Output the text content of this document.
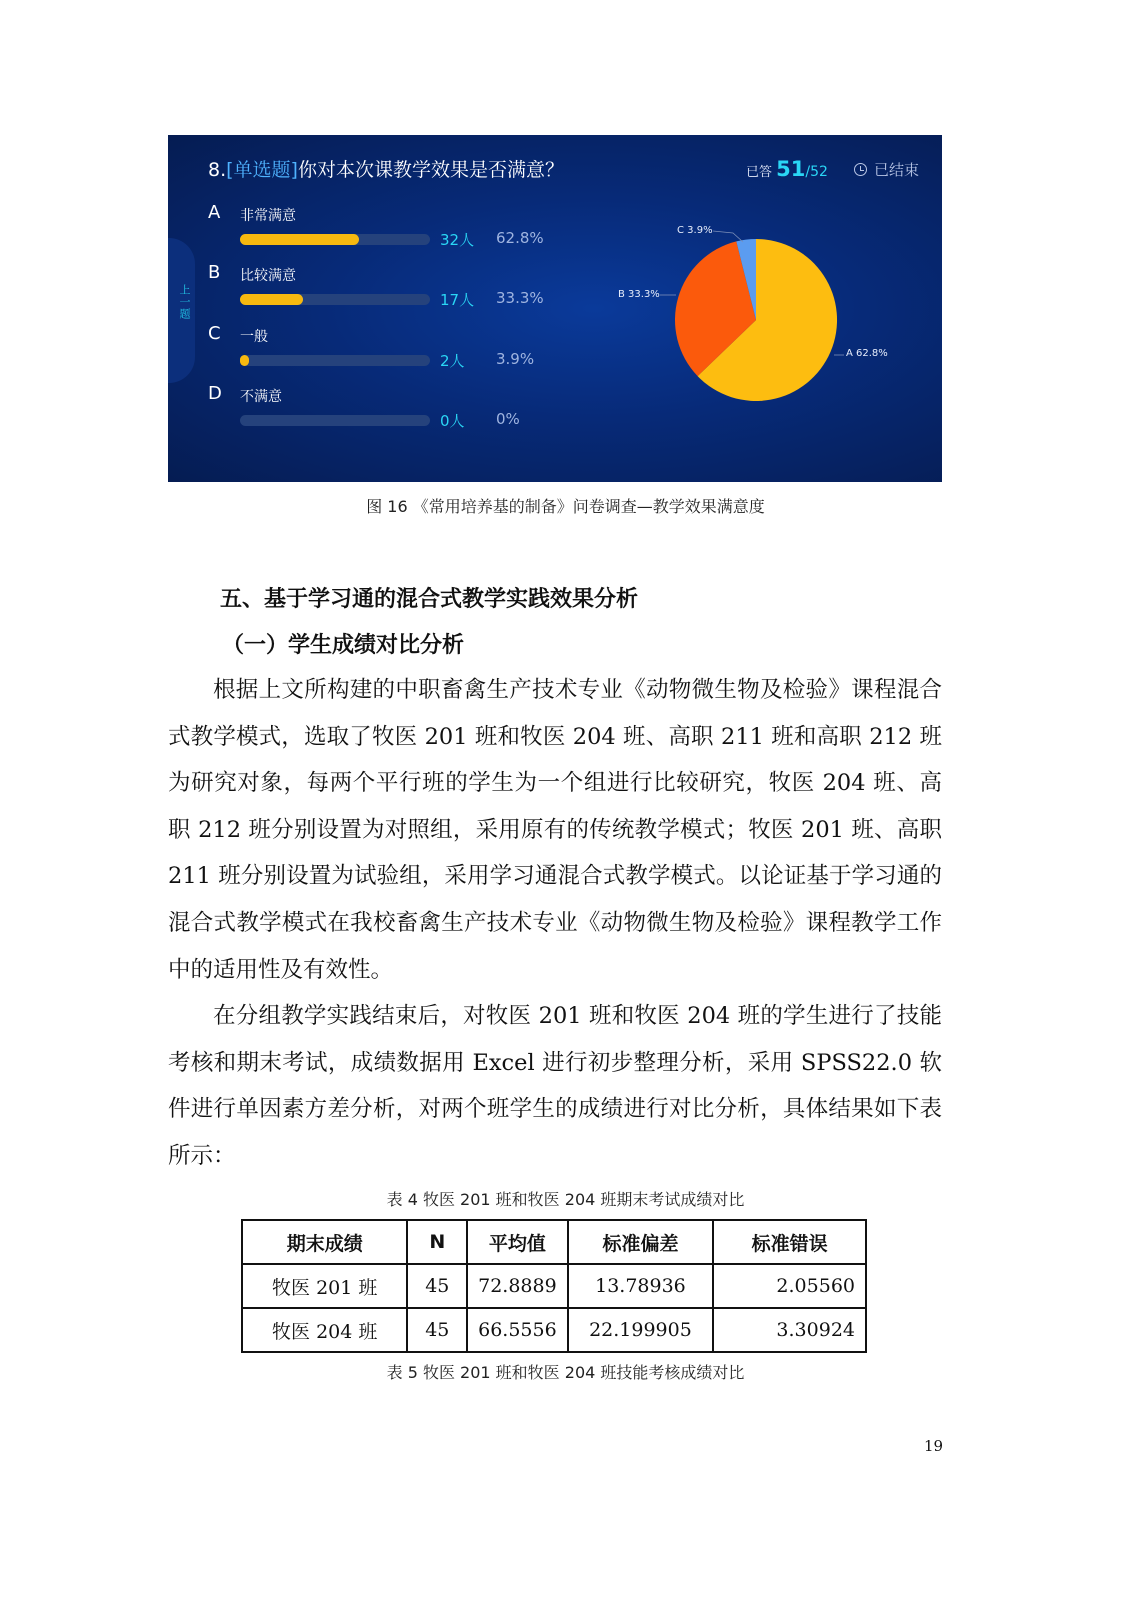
上一题
8.[单选题]你对本次课教学效果是否满意？	已答 51/52	已结束
A 非常满意
32人 62.8%
B 比较满意
17人 33.3%
C 一般
2人 3.9%
D 不满意
0人 0%
C 3.9%
B 33.3%
A 62.8%
图 16 《常用培养基的制备》问卷调查—教学效果满意度
五、基于学习通的混合式教学实践效果分析
（一）学生成绩对比分析

根据上文所构建的中职畜禽生产技术专业《动物微生物及检验》课程混合式教学模式，选取了牧医 201 班和牧医 204 班、高职 211 班和高职 212 班为研究对象，每两个平行班的学生为一个组进行比较研究，牧医 204 班、高职 212 班分别设置为对照组，采用原有的传统教学模式；牧医 201 班、高职 211 班分别设置为试验组，采用学习通混合式教学模式。以论证基于学习通的混合式教学模式在我校畜禽生产技术专业《动物微生物及检验》课程教学工作中的适用性及有效性。

在分组教学实践结束后，对牧医 201 班和牧医 204 班的学生进行了技能考核和期末考试，成绩数据用 Excel 进行初步整理分析，采用 SPSS22.0 软件进行单因素方差分析，对两个班学生的成绩进行对比分析，具体结果如下表所示：

表 4 牧医 201 班和牧医 204 班期末考试成绩对比
期末成绩	N	平均值	标准偏差	标准错误
牧医 201 班	45	72.8889	13.78936	2.05560
牧医 204 班	45	66.5556	22.199905	3.30924
表 5 牧医 201 班和牧医 204 班技能考核成绩对比
19
